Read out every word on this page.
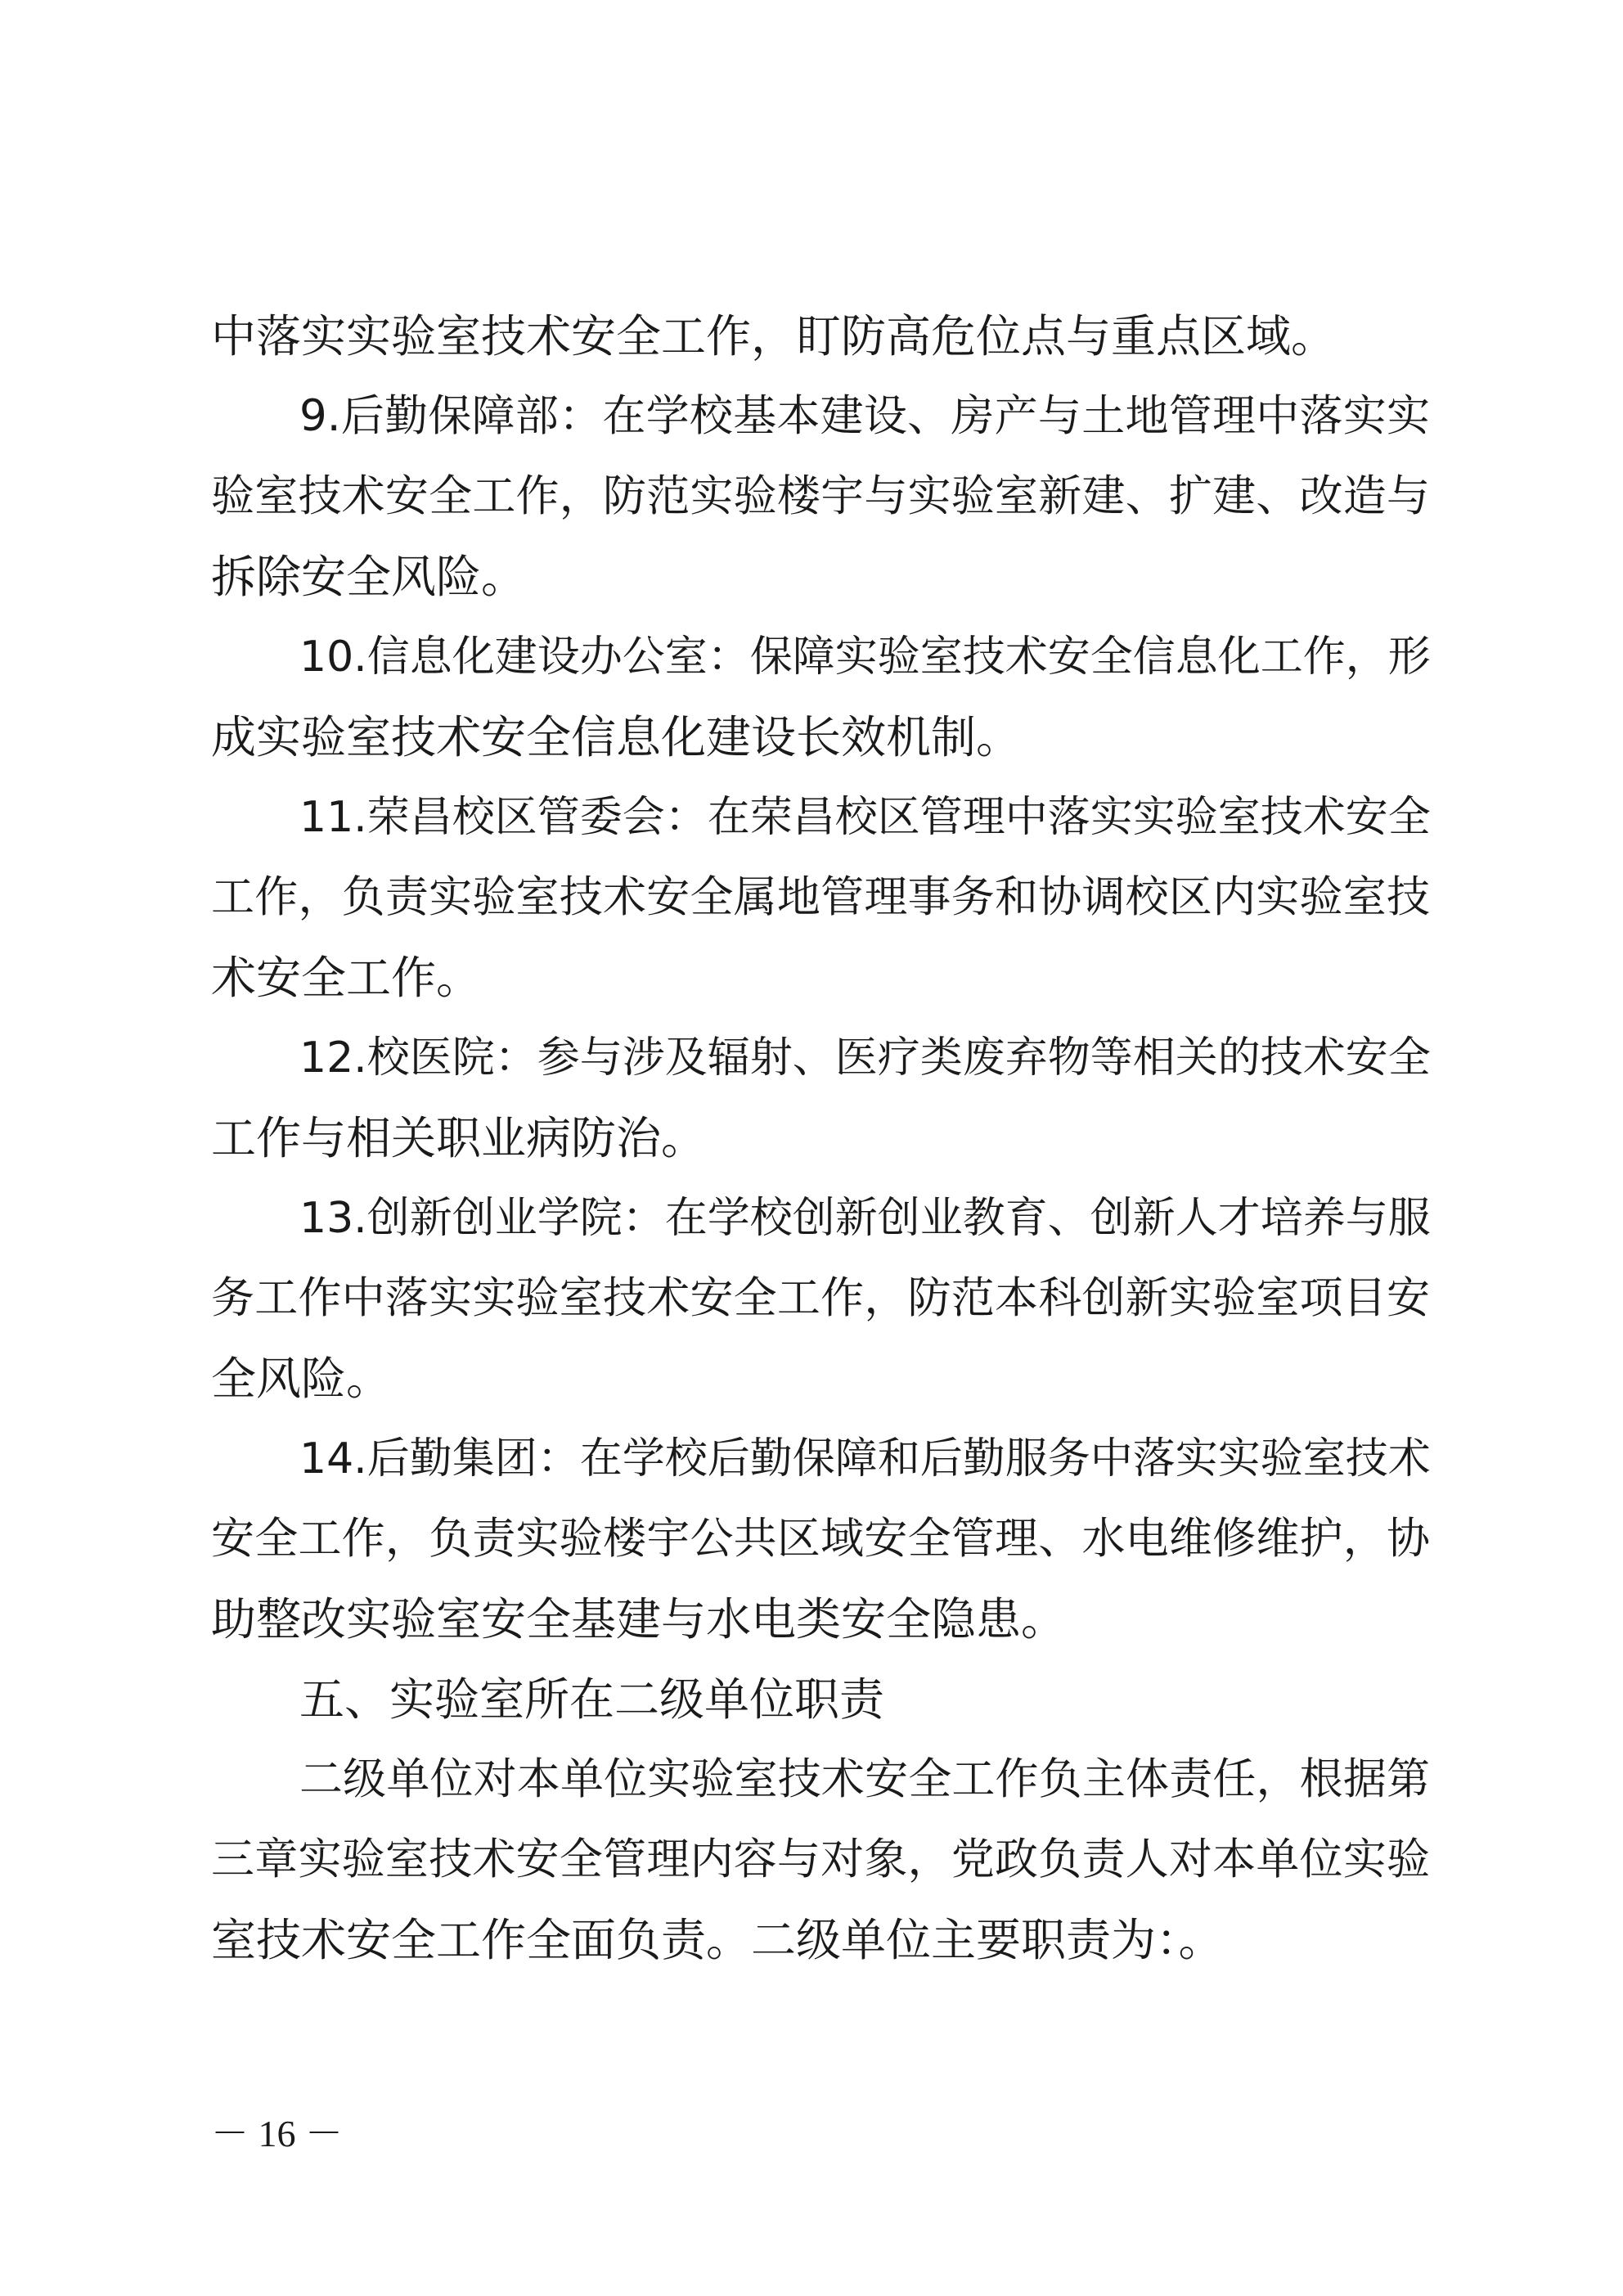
中落实实验室技术安全工作，盯防高危位点与重点区域。
9.后勤保障部：在学校基本建设、房产与土地管理中落实实
验室技术安全工作，防范实验楼宇与实验室新建、扩建、改造与
拆除安全风险。
10.信息化建设办公室：保障实验室技术安全信息化工作，形
成实验室技术安全信息化建设长效机制。
11.荣昌校区管委会：在荣昌校区管理中落实实验室技术安全
工作，负责实验室技术安全属地管理事务和协调校区内实验室技
术安全工作。
12.校医院：参与涉及辐射、医疗类废弃物等相关的技术安全
工作与相关职业病防治。
13.创新创业学院：在学校创新创业教育、创新人才培养与服
务工作中落实实验室技术安全工作，防范本科创新实验室项目安
全风险。
14.后勤集团：在学校后勤保障和后勤服务中落实实验室技术
安全工作，负责实验楼宇公共区域安全管理、水电维修维护，协
助整改实验室安全基建与水电类安全隐患。
五、实验室所在二级单位职责
二级单位对本单位实验室技术安全工作负主体责任，根据第
三章实验室技术安全管理内容与对象，党政负责人对本单位实验
室技术安全工作全面负责。二级单位主要职责为：。
－ 16 －
